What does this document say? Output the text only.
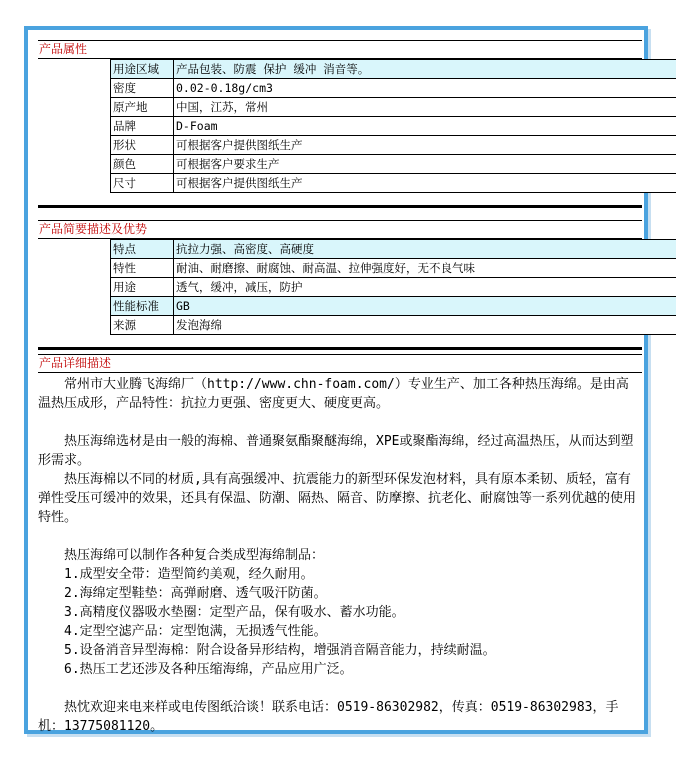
产品属性
用途区域	产品包装、防震 保护 缓冲 消音等。
密度	0.02-0.18g/cm3
原产地	中国，江苏，常州
品牌	D-Foam
形状	可根据客户提供图纸生产
颜色	可根据客户要求生产
尺寸	可根据客户提供图纸生产
产品简要描述及优势
特点	抗拉力强、高密度、高硬度
特性	耐油、耐磨擦、耐腐蚀、耐高温、拉伸强度好，无不良气味
用途	透气，缓冲，减压，防护
性能标准	GB
来源	发泡海绵
产品详细描述

常州市大业腾飞海绵厂（http://www.chn-foam.com/）专业生产、加工各种热压海绵。是由高温热压成形，产品特性：抗拉力更强、密度更大、硬度更高。

热压海绵选材是由一般的海棉、普通聚氨酯聚醚海绵，XPE或聚酯海绵，经过高温热压，从而达到塑形需求。

热压海棉以不同的材质,具有高强缓冲、抗震能力的新型环保发泡材料，具有原本柔韧、质轻，富有弹性受压可缓冲的效果，还具有保温、防潮、隔热、隔音、防摩擦、抗老化、耐腐蚀等一系列优越的使用特性。

热压海绵可以制作各种复合类成型海绵制品：

1.成型安全带：造型简约美观，经久耐用。

2.海绵定型鞋垫：高弹耐磨、透气吸汗防菌。

3.高精度仪器吸水垫圈：定型产品，保有吸水、蓄水功能。

4.定型空滤产品：定型饱满，无损透气性能。

5.设备消音异型海棉：附合设备异形结构，增强消音隔音能力，持续耐温。

6.热压工艺还涉及各种压缩海绵，产品应用广泛。

热忱欢迎来电来样或电传图纸洽谈！联系电话：0519-86302982，传真：0519-86302983，手机：13775081120。
